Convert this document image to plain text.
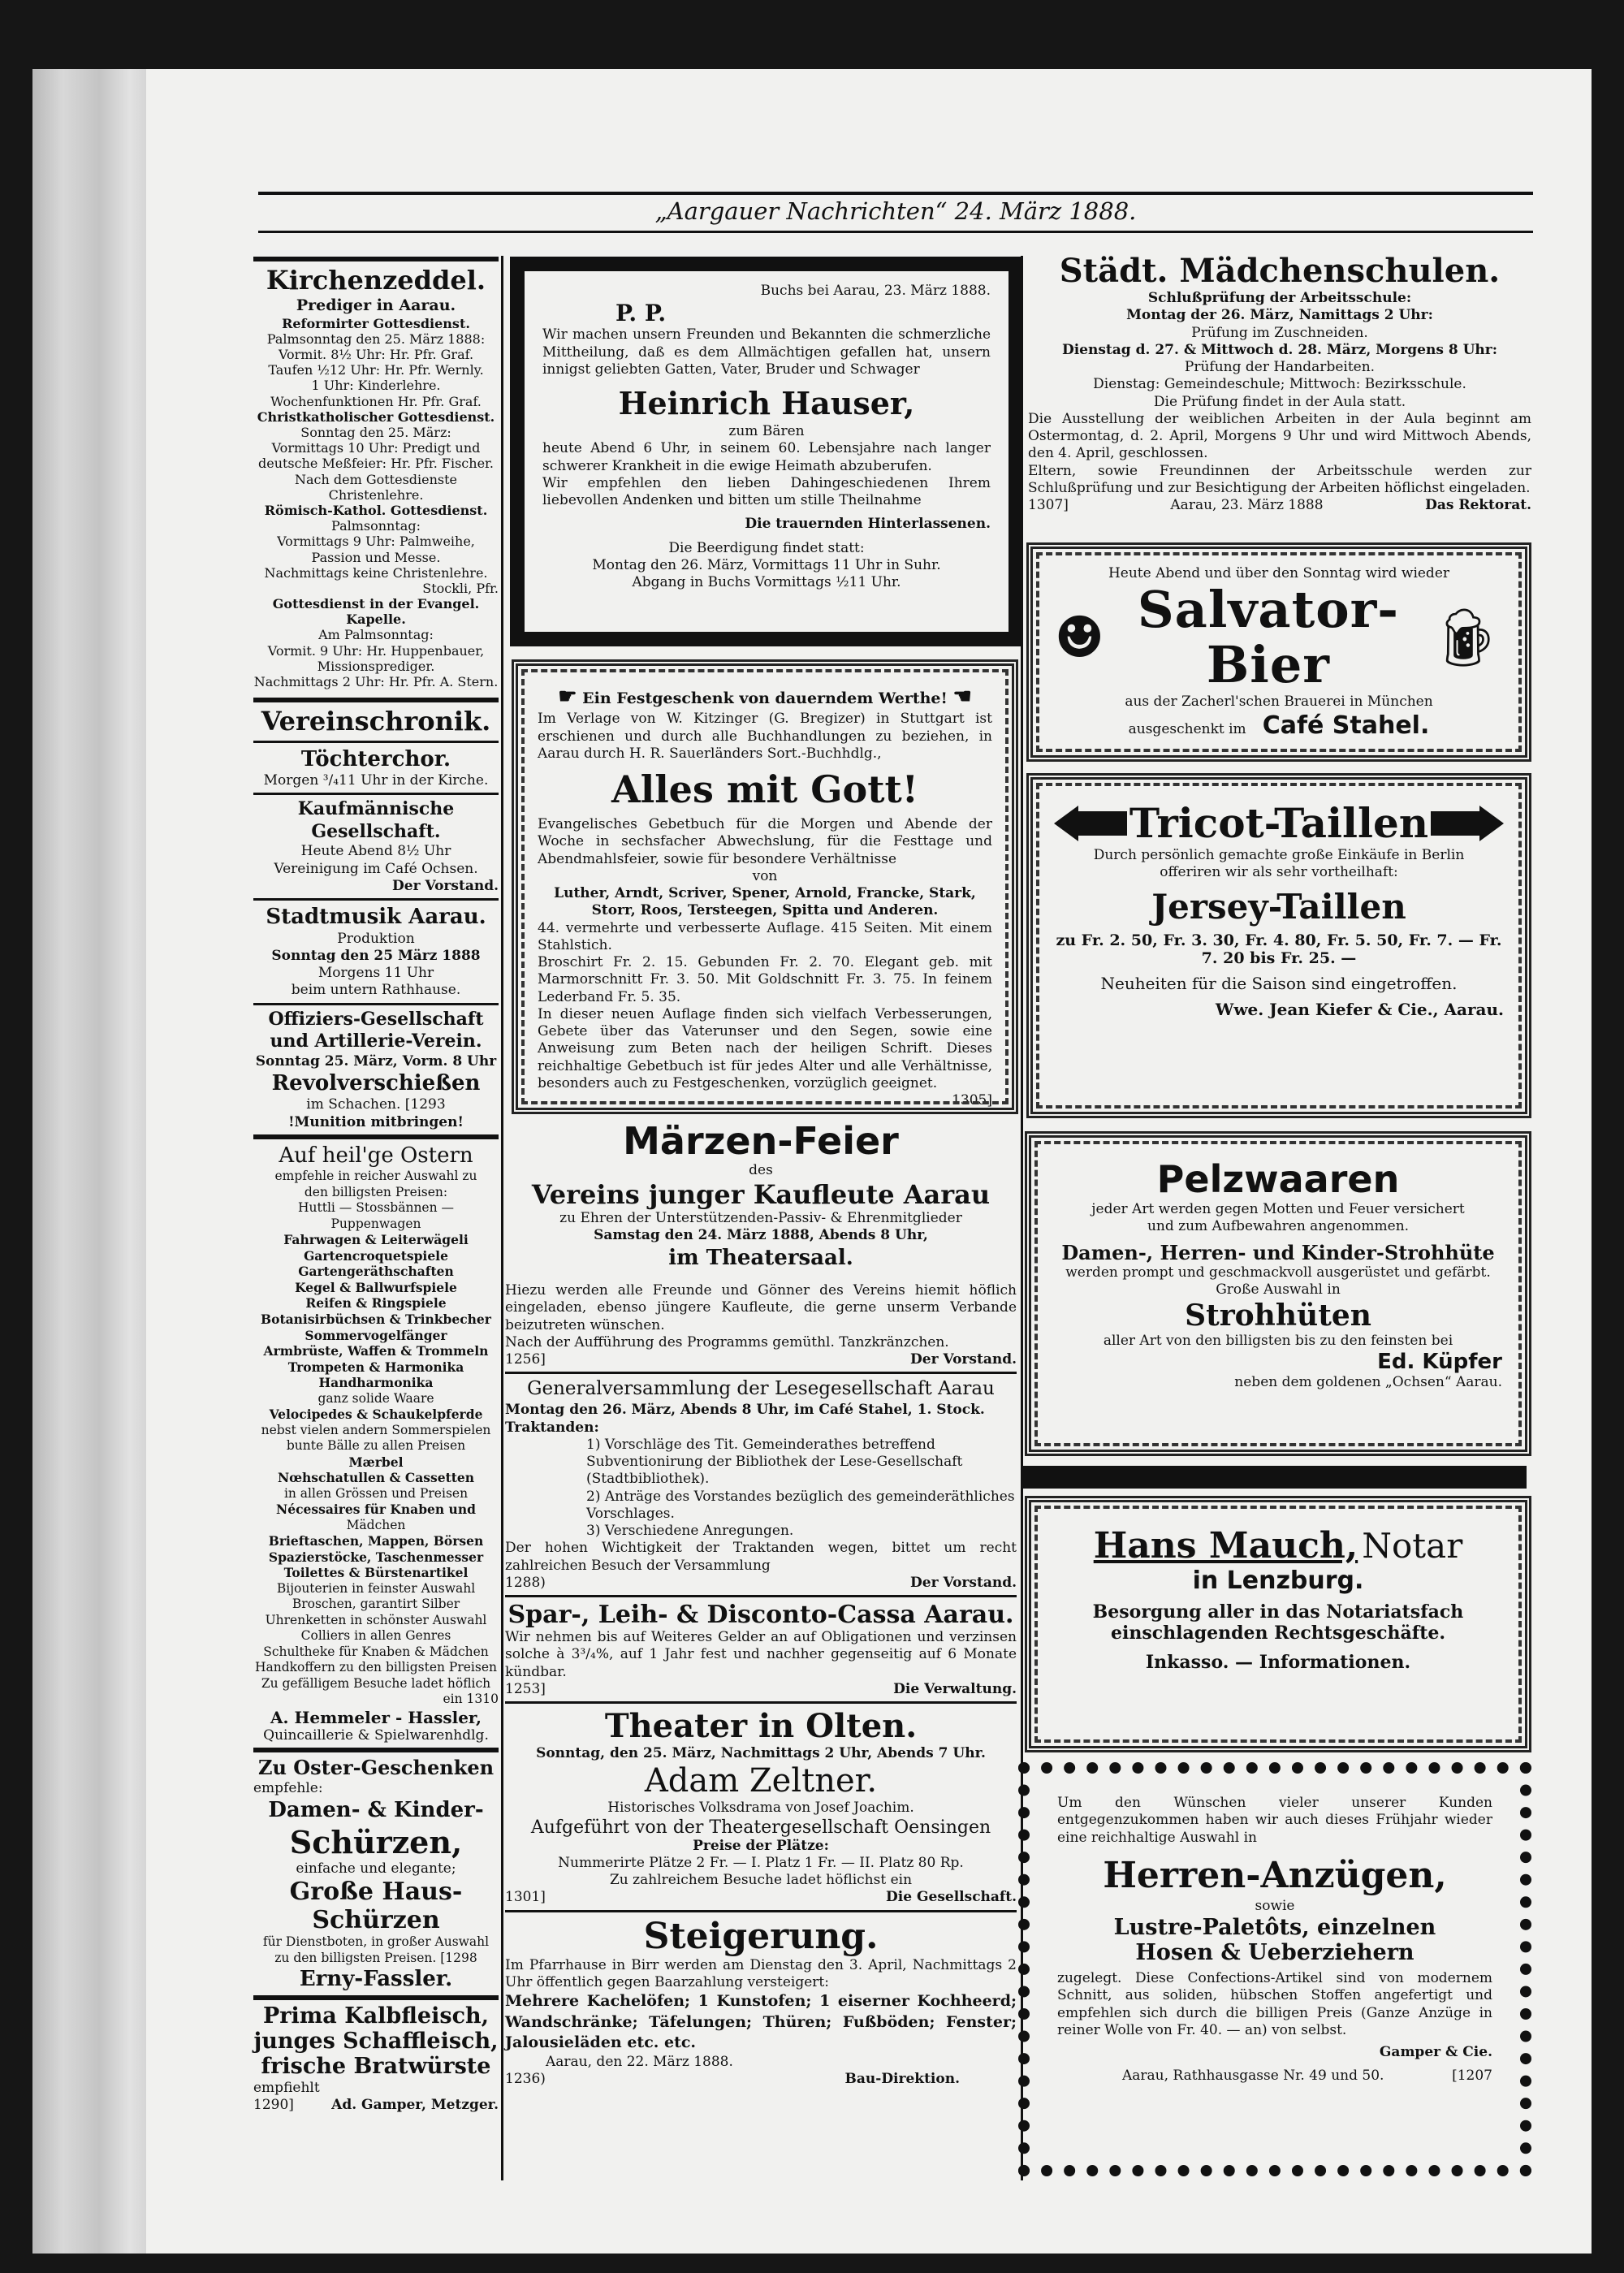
„Aargauer Nachrichten“ 24. März 1888.
Kirchenzeddel.
Prediger in Aarau.
Reformirter Gottesdienst.
Palmsonntag den 25. März 1888:
Vormit. 8½ Uhr: Hr. Pfr. Graf.
Taufen ½12 Uhr: Hr. Pfr. Wernly.
1 Uhr: Kinderlehre.
Wochenfunktionen Hr. Pfr. Graf.
Christkatholischer Gottesdienst.
Sonntag den 25. März:
Vormittags 10 Uhr: Predigt und
deutsche Meßfeier: Hr. Pfr. Fischer.
Nach dem Gottesdienste Christenlehre.
Römisch-Kathol. Gottesdienst.
Palmsonntag:
Vormittags 9 Uhr: Palmweihe,
Passion und Messe.
Nachmittags keine Christenlehre.
Stockli, Pfr.
Gottesdienst in der Evangel. Kapelle.
Am Palmsonntag:
Vormit. 9 Uhr: Hr. Huppenbauer,
Missionsprediger.
Nachmittags 2 Uhr: Hr. Pfr. A. Stern.
Vereinschronik.
Töchterchor.
Morgen ³/₄11 Uhr in der Kirche.
Kaufmännische Gesellschaft.
Heute Abend 8½ Uhr
Vereinigung im Café Ochsen.
Der Vorstand.
Stadtmusik Aarau.
Produktion
Sonntag den 25 März 1888
Morgens 11 Uhr
beim untern Rathhause.
Offiziers-Gesellschaft und Artillerie-Verein.
Sonntag 25. März, Vorm. 8 Uhr
Revolverschießen
im Schachen. [1293
!Munition mitbringen!
Auf heil'ge Ostern
empfehle in reicher Auswahl zu
den billigsten Preisen:
Huttli — Stossbännen —
Puppenwagen
Fahrwagen & Leiterwägeli
Gartencroquetspiele
Gartengeräthschaften
Kegel & Ballwurfspiele
Reifen & Ringspiele
Botanisirbüchsen & Trinkbecher
Sommervogelfänger
Armbrüste, Waffen & Trommeln
Trompeten & Harmonika
Handharmonika
ganz solide Waare
Velocipedes & Schaukelpferde
nebst vielen andern Sommerspielen
bunte Bälle zu allen Preisen
Mærbel
Nœhschatullen & Cassetten
in allen Grössen und Preisen
Nécessaires für Knaben und
Mädchen
Brieftaschen, Mappen, Börsen
Spazierstöcke, Taschenmesser
Toilettes & Bürstenartikel
Bijouterien in feinster Auswahl
Broschen, garantirt Silber
Uhrenketten in schönster Auswahl
Colliers in allen Genres
Schultheke für Knaben & Mädchen
Handkoffern zu den billigsten Preisen
Zu gefälligem Besuche ladet höflich
ein 1310
A. Hemmeler - Hassler,
Quincaillerie & Spielwarenhdlg.
Zu Oster-Geschenken
empfehle:
Damen- & Kinder-
Schürzen,
einfache und elegante;
Große Haus-
Schürzen
für Dienstboten, in großer Auswahl
zu den billigsten Preisen. [1298
Erny-Fassler.
Prima Kalbfleisch,
junges Schaffleisch,
frische Bratwürste
empfiehlt
1290]	Ad. Gamper, Metzger.
Buchs bei Aarau, 23. März 1888.
P. P.
Wir machen unsern Freunden und Bekannten die schmerzliche Mittheilung, daß es dem Allmächtigen gefallen hat, unsern innigst geliebten Gatten, Vater, Bruder und Schwager
Heinrich Hauser,
zum Bären
heute Abend 6 Uhr, in seinem 60. Lebensjahre nach langer schwerer Krankheit in die ewige Heimath abzuberufen.
Wir empfehlen den lieben Dahingeschiedenen Ihrem liebevollen Andenken und bitten um stille Theilnahme
Die trauernden Hinterlassenen.
Die Beerdigung findet statt:
Montag den 26. März, Vormittags 11 Uhr in Suhr.
Abgang in Buchs Vormittags ½11 Uhr.
☛ Ein Festgeschenk von dauerndem Werthe! ☚
Im Verlage von W. Kitzinger (G. Bregizer) in Stuttgart ist erschienen und durch alle Buchhandlungen zu beziehen, in Aarau durch H. R. Sauerländers Sort.-Buchhdlg.,
Alles mit Gott!
Evangelisches Gebetbuch für die Morgen und Abende der Woche in sechsfacher Abwechslung, für die Festtage und Abendmahlsfeier, sowie für besondere Verhältnisse
von
Luther, Arndt, Scriver, Spener, Arnold, Francke, Stark, Storr, Roos, Tersteegen, Spitta und Anderen.
44. vermehrte und verbesserte Auflage. 415 Seiten. Mit einem Stahlstich.
Broschirt Fr. 2. 15. Gebunden Fr. 2. 70. Elegant geb. mit Marmorschnitt Fr. 3. 50. Mit Goldschnitt Fr. 3. 75. In feinem Lederband Fr. 5. 35.
In dieser neuen Auflage finden sich vielfach Verbesserungen, Gebete über das Vaterunser und den Segen, sowie eine Anweisung zum Beten nach der heiligen Schrift. Dieses reichhaltige Gebetbuch ist für jedes Alter und alle Verhältnisse, besonders auch zu Festgeschenken, vorzüglich geeignet.
1305]
Märzen-Feier
des
Vereins junger Kaufleute Aarau
zu Ehren der Unterstützenden-Passiv- & Ehrenmitglieder
Samstag den 24. März 1888, Abends 8 Uhr,
im Theatersaal.
Hiezu werden alle Freunde und Gönner des Vereins hiemit höflich eingeladen, ebenso jüngere Kaufleute, die gerne unserm Verbande beizutreten wünschen.
Nach der Aufführung des Programms gemüthl. Tanzkränzchen.
1256]	Der Vorstand.
Generalversammlung der Lesegesellschaft Aarau
Montag den 26. März, Abends 8 Uhr, im Café Stahel, 1. Stock.
Traktanden:
1) Vorschläge des Tit. Gemeinderathes betreffend Subventionirung der Bibliothek der Lese-Gesellschaft (Stadtbibliothek).
2) Anträge des Vorstandes bezüglich des gemeinderäthliches Vorschlages.
3) Verschiedene Anregungen.
Der hohen Wichtigkeit der Traktanden wegen, bittet um recht zahlreichen Besuch der Versammlung
1288)	Der Vorstand.
Spar-, Leih- & Disconto-Cassa Aarau.
Wir nehmen bis auf Weiteres Gelder an auf Obligationen und verzinsen solche à 3³/₄%, auf 1 Jahr fest und nachher gegenseitig auf 6 Monate kündbar.
1253]	Die Verwaltung.
Theater in Olten.
Sonntag, den 25. März, Nachmittags 2 Uhr, Abends 7 Uhr.
Adam Zeltner.
Historisches Volksdrama von Josef Joachim.
Aufgeführt von der Theatergesellschaft Oensingen
Preise der Plätze:
Nummerirte Plätze 2 Fr. — I. Platz 1 Fr. — II. Platz 80 Rp.
Zu zahlreichem Besuche ladet höflichst ein
1301]	Die Gesellschaft.
Steigerung.
Im Pfarrhause in Birr werden am Dienstag den 3. April, Nachmittags 2 Uhr öffentlich gegen Baarzahlung versteigert:
Mehrere Kachelöfen; 1 Kunstofen; 1 eiserner Kochheerd; Wandschränke; Täfelungen; Thüren; Fußböden; Fenster; Jalousieläden etc. etc.
Aarau, den 22. März 1888.
1236)	Bau-Direktion.
Städt. Mädchenschulen.
Schlußprüfung der Arbeitsschule:
Montag der 26. März, Namittags 2 Uhr:
Prüfung im Zuschneiden.
Dienstag d. 27. & Mittwoch d. 28. März, Morgens 8 Uhr:
Prüfung der Handarbeiten.
Dienstag: Gemeindeschule; Mittwoch: Bezirksschule.
Die Prüfung findet in der Aula statt.
Die Ausstellung der weiblichen Arbeiten in der Aula beginnt am Ostermontag, d. 2. April, Morgens 9 Uhr und wird Mittwoch Abends, den 4. April, geschlossen.
Eltern, sowie Freundinnen der Arbeitsschule werden zur Schlußprüfung und zur Besichtigung der Arbeiten höflichst eingeladen.
1307]	Aarau, 23. März 1888	Das Rektorat.
Heute Abend und über den Sonntag wird wieder
☻ Salvator-Bier	🍺︎
aus der Zacherl'schen Brauerei in München
ausgeschenkt im Café Stahel.
Tricot-Taillen
Durch persönlich gemachte große Einkäufe in Berlin
offeriren wir als sehr vortheilhaft:
Jersey-Taillen
zu Fr. 2. 50, Fr. 3. 30, Fr. 4. 80, Fr. 5. 50, Fr. 7. — Fr. 7. 20 bis Fr. 25. —
Neuheiten für die Saison sind eingetroffen.
Wwe. Jean Kiefer & Cie., Aarau.
Pelzwaaren
jeder Art werden gegen Motten und Feuer versichert
und zum Aufbewahren angenommen.
Damen-, Herren- und Kinder-Strohhüte
werden prompt und geschmackvoll ausgerüstet und gefärbt.
Große Auswahl in
Strohhüten
aller Art von den billigsten bis zu den feinsten bei
Ed. Küpfer
neben dem goldenen „Ochsen“ Aarau.
Hans Mauch, Notar
in Lenzburg.
Besorgung aller in das Notariatsfach einschlagenden Rechtsgeschäfte.
Inkasso. — Informationen.
Um den Wünschen vieler unserer Kunden entgegenzukommen haben wir auch dieses Frühjahr wieder eine reichhaltige Auswahl in
Herren-Anzügen,
sowie
Lustre-Paletôts, einzelnen
Hosen & Ueberziehern
zugelegt. Diese Confections-Artikel sind von modernem Schnitt, aus soliden, hübschen Stoffen angefertigt und empfehlen sich durch die billigen Preis (Ganze Anzüge in reiner Wolle von Fr. 40. — an) von selbst.
Gamper & Cie.
Aarau, Rathhausgasse Nr. 49 und 50.	[1207
